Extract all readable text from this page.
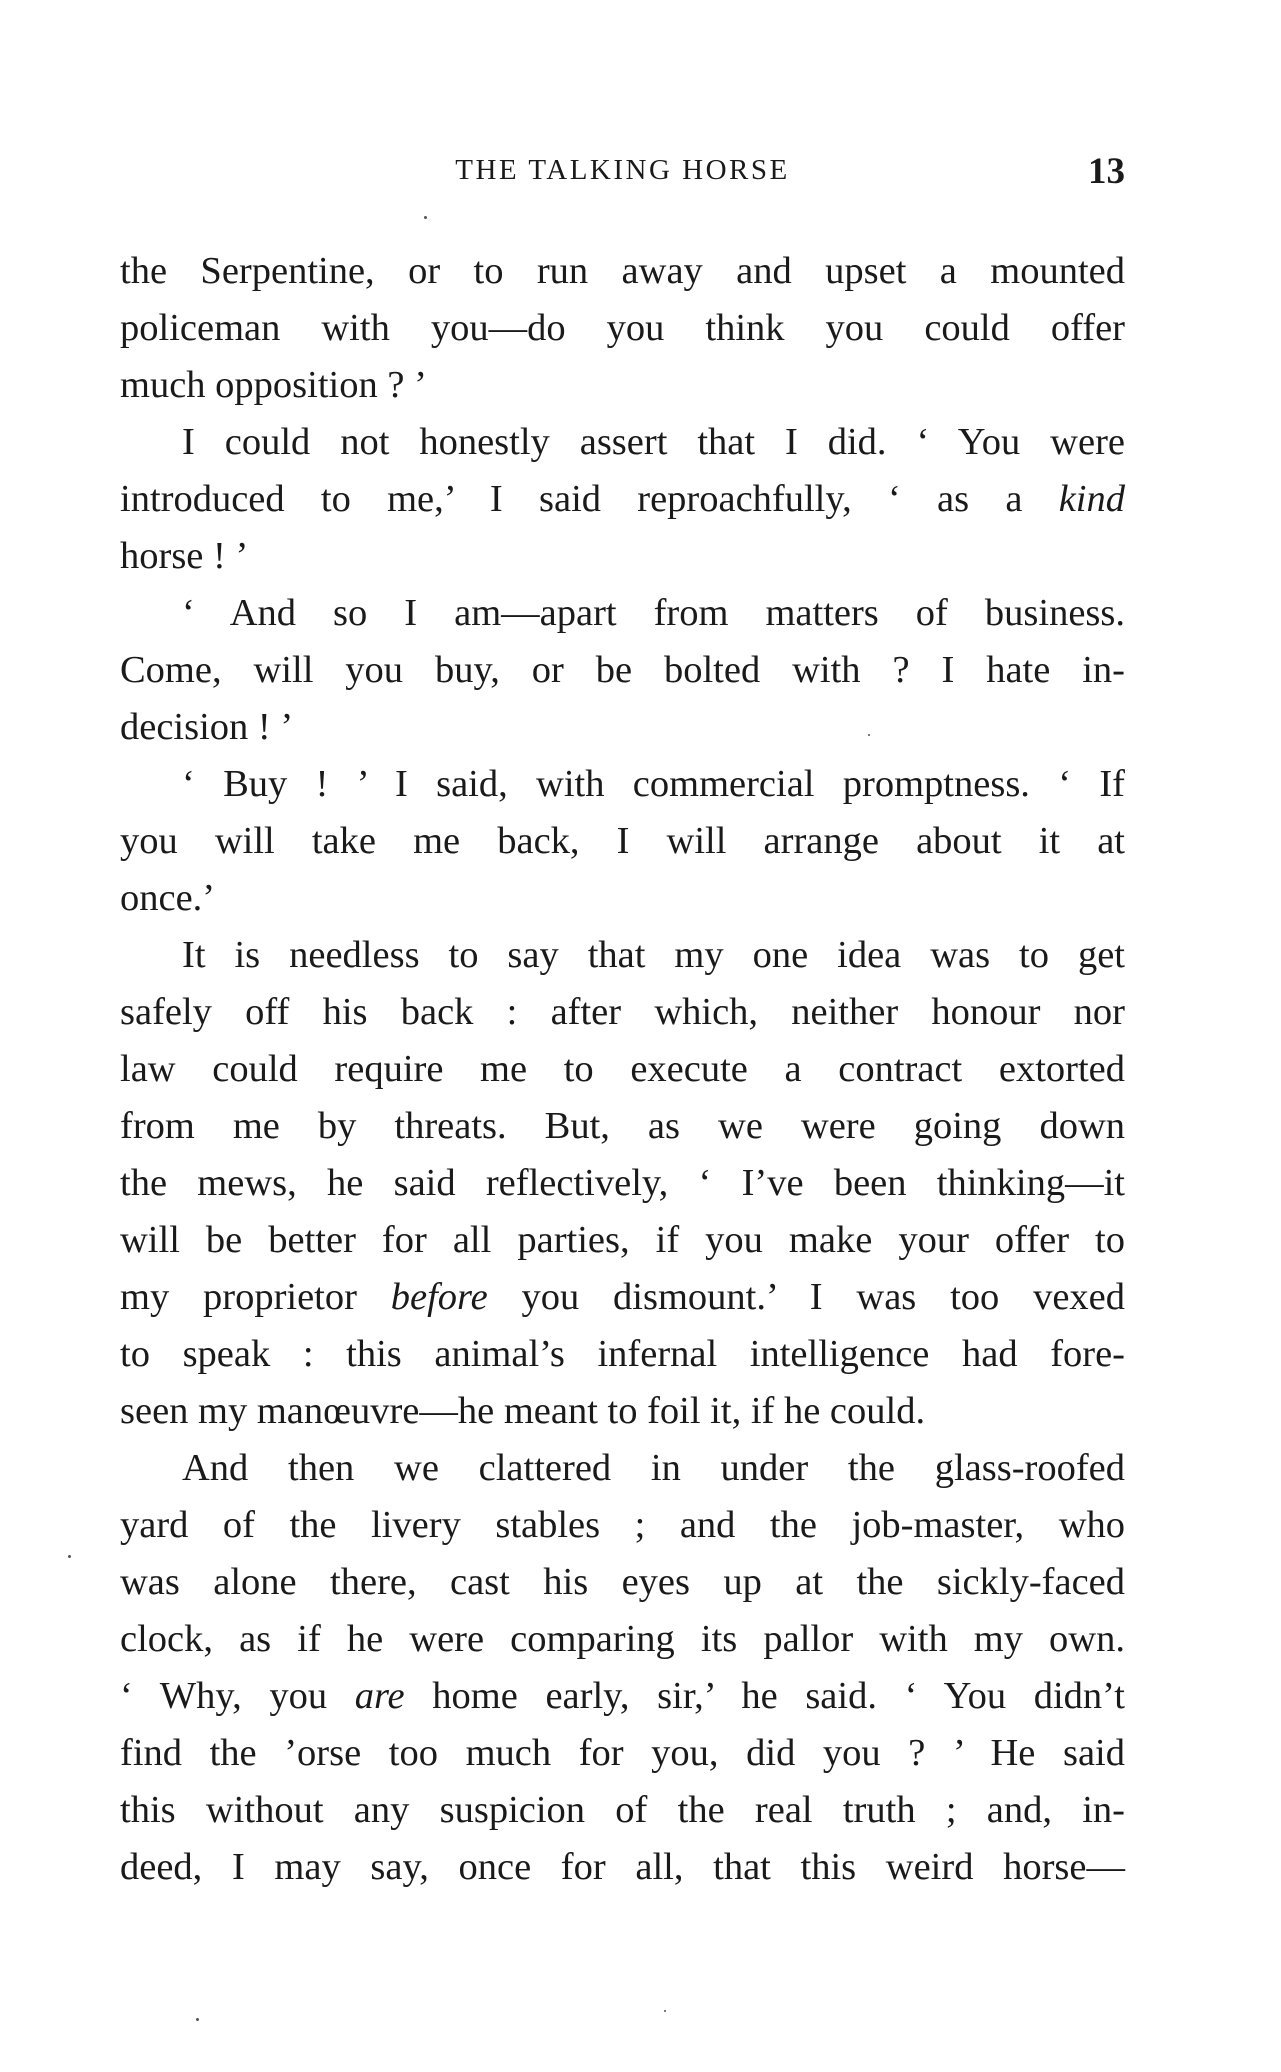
THE TALKING HORSE	13
the Serpentine, or to run away and upset a mounted
policeman with you—do you think you could offer
much opposition ? ’
I could not honestly assert that I did. ‘ You were
introduced to me,’ I said reproachfully, ‘ as a kind
horse ! ’
‘ And so I am—apart from matters of business.
Come, will you buy, or be bolted with ? I hate in-
decision ! ’
‘ Buy ! ’ I said, with commercial promptness. ‘ If
you will take me back, I will arrange about it at
once.’
It is needless to say that my one idea was to get
safely off his back : after which, neither honour nor
law could require me to execute a contract extorted
from me by threats. But, as we were going down
the mews, he said reflectively, ‘ I’ve been thinking—it
will be better for all parties, if you make your offer to
my proprietor before you dismount.’ I was too vexed
to speak : this animal’s infernal intelligence had fore-
seen my manœuvre—he meant to foil it, if he could.
And then we clattered in under the glass-roofed
yard of the livery stables ; and the job-master, who
was alone there, cast his eyes up at the sickly-faced
clock, as if he were comparing its pallor with my own.
‘ Why, you are home early, sir,’ he said. ‘ You didn’t
find the ’orse too much for you, did you ? ’ He said
this without any suspicion of the real truth ; and, in-
deed, I may say, once for all, that this weird horse—
